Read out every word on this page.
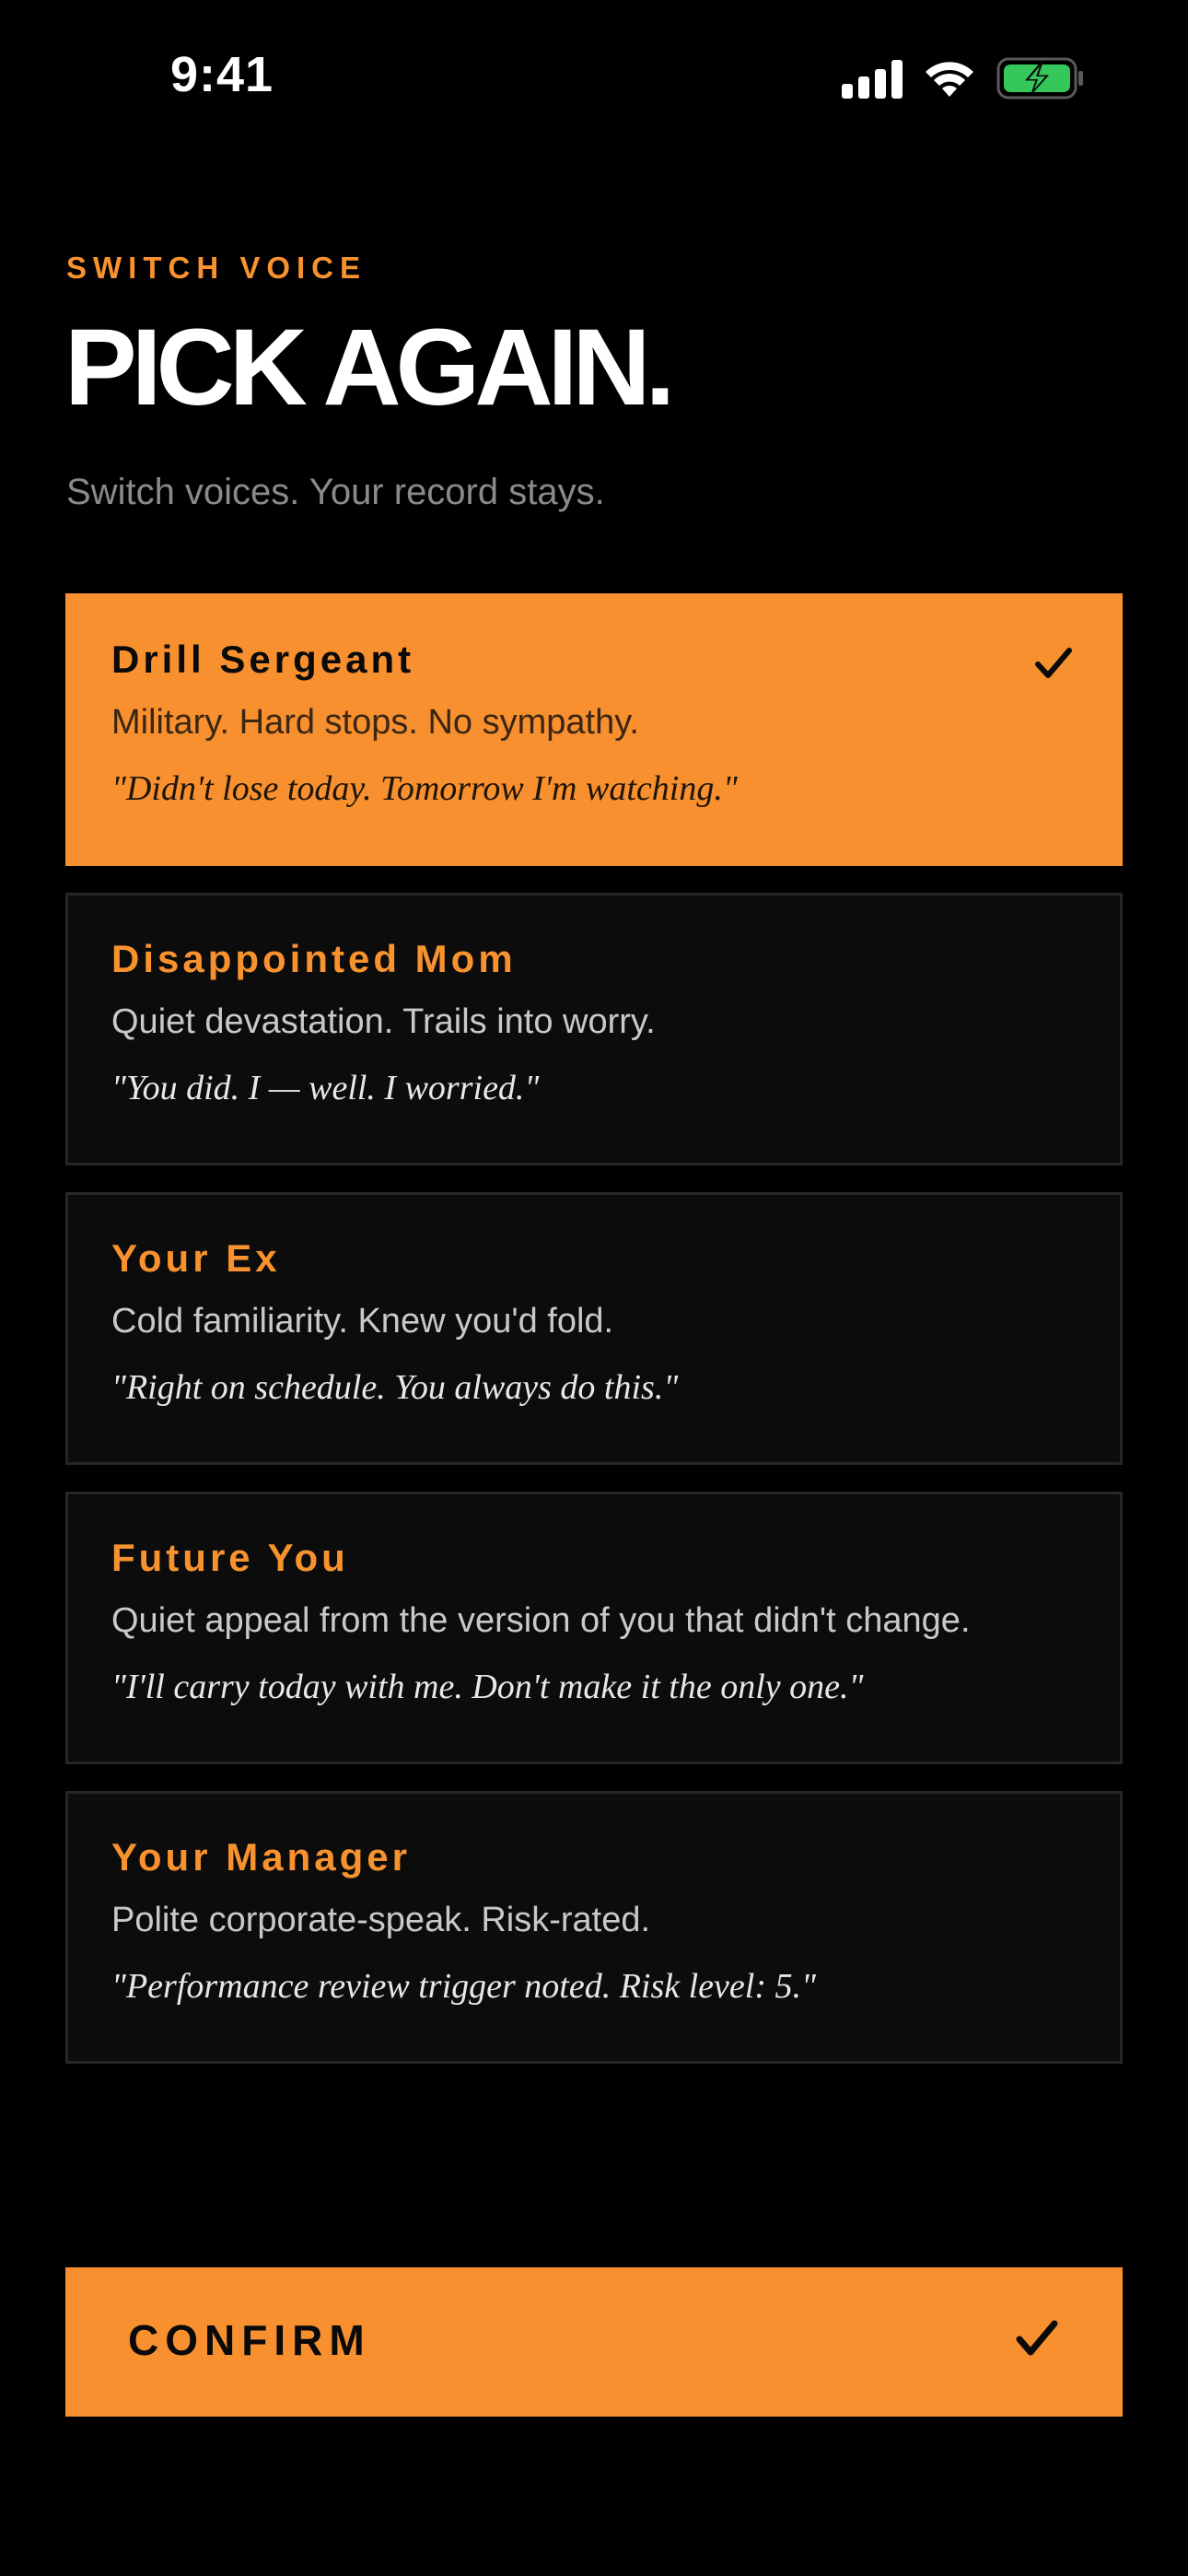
9:41
SWITCH VOICE
PICK AGAIN.
Switch voices. Your record stays.
Drill Sergeant
Military. Hard stops. No sympathy.
"Didn't lose today. Tomorrow I'm watching."
Disappointed Mom
Quiet devastation. Trails into worry.
"You did. I — well. I worried."
Your Ex
Cold familiarity. Knew you'd fold.
"Right on schedule. You always do this."
Future You
Quiet appeal from the version of you that didn't change.
"I'll carry today with me. Don't make it the only one."
Your Manager
Polite corporate-speak. Risk-rated.
"Performance review trigger noted. Risk level: 5."
CONFIRM
